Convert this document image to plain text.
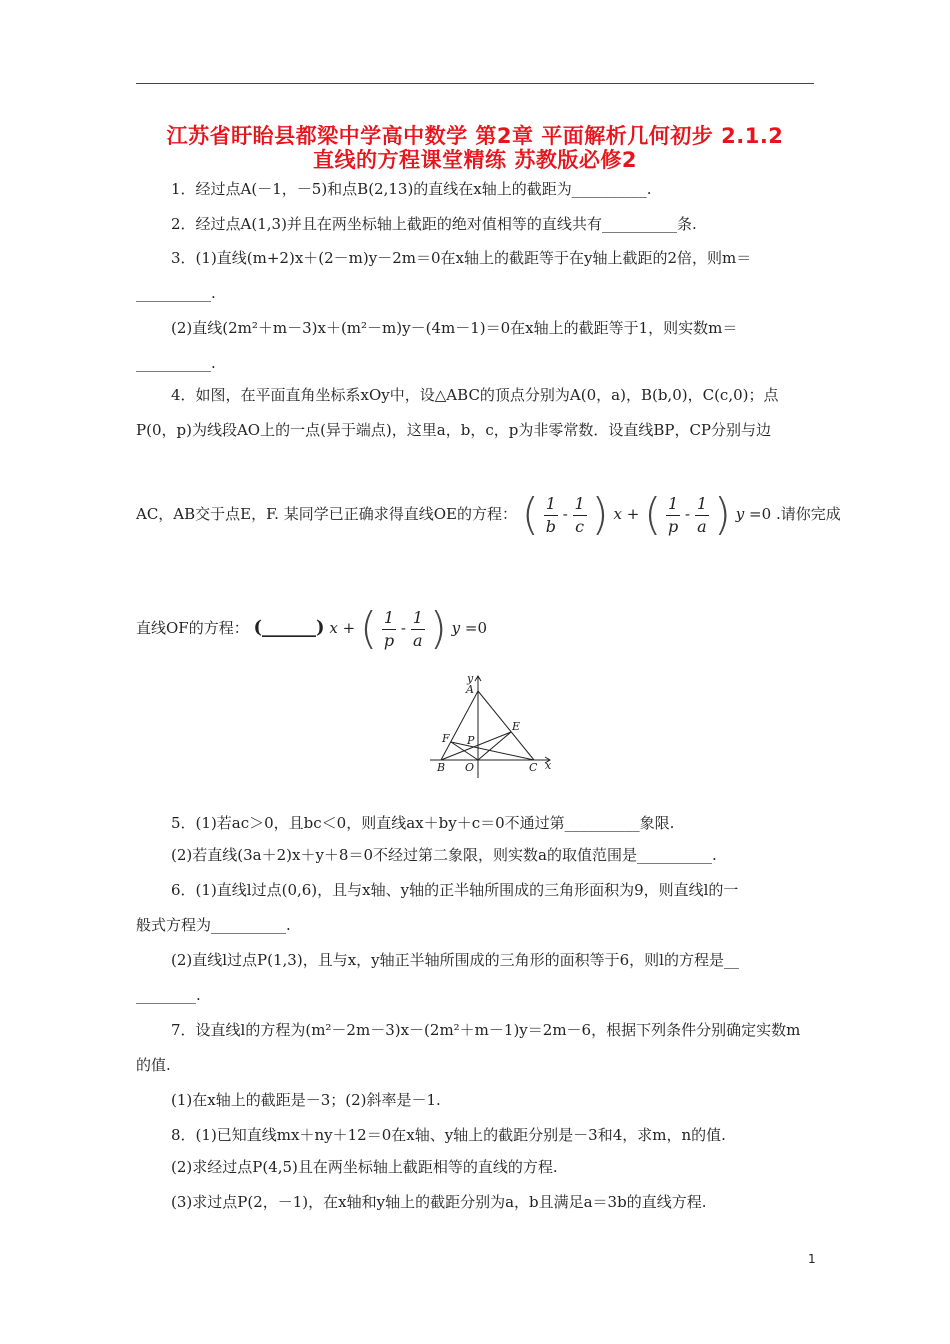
江苏省盱眙县都梁中学高中数学 第2章 平面解析几何初步 2.1.2
直线的方程课堂精练 苏教版必修2
1．经过点A(－1，－5)和点B(2,13)的直线在x轴上的截距为__________.
2．经过点A(1,3)并且在两坐标轴上截距的绝对值相等的直线共有__________条.
3．(1)直线(m+2)x＋(2－m)y－2m＝0在x轴上的截距等于在y轴上截距的2倍，则m＝
__________.
(2)直线(2m²＋m－3)x＋(m²－m)y－(4m－1)＝0在x轴上的截距等于1，则实数m＝
__________.
4．如图，在平面直角坐标系xOy中，设△ABC的顶点分别为A(0，a)，B(b,0)，C(c,0)；点
P(0，p)为线段AO上的一点(异于端点)，这里a，b，c，p为非零常数．设直线BP，CP分别与边
AC，AB交于点E，F. 某同学已正确求得直线OE的方程： ( $\frac{1}{b} - \frac{1}{c}$ ) x + ( $\frac{1}{p} - \frac{1}{a}$ ) y =0 .请你完成
直线OF的方程： (______) x + ( $\frac{1}{p} - \frac{1}{a}$ ) y =0
A
B	C
O
E
F P
x
y
5．(1)若ac＞0，且bc＜0，则直线ax＋by＋c＝0不通过第__________象限.
(2)若直线(3a＋2)x＋y＋8＝0不经过第二象限，则实数a的取值范围是__________.
6．(1)直线l过点(0,6)，且与x轴、y轴的正半轴所围成的三角形面积为9，则直线l的一
般式方程为__________.
(2)直线l过点P(1,3)，且与x，y轴正半轴所围成的三角形的面积等于6，则l的方程是__
________.
7．设直线l的方程为(m²－2m－3)x－(2m²＋m－1)y＝2m－6，根据下列条件分别确定实数m
的值.
(1)在x轴上的截距是－3；(2)斜率是－1.
8．(1)已知直线mx＋ny＋12＝0在x轴、y轴上的截距分别是－3和4，求m，n的值.
(2)求经过点P(4,5)且在两坐标轴上截距相等的直线的方程.
(3)求过点P(2，－1)，在x轴和y轴上的截距分别为a，b且满足a＝3b的直线方程.
1
